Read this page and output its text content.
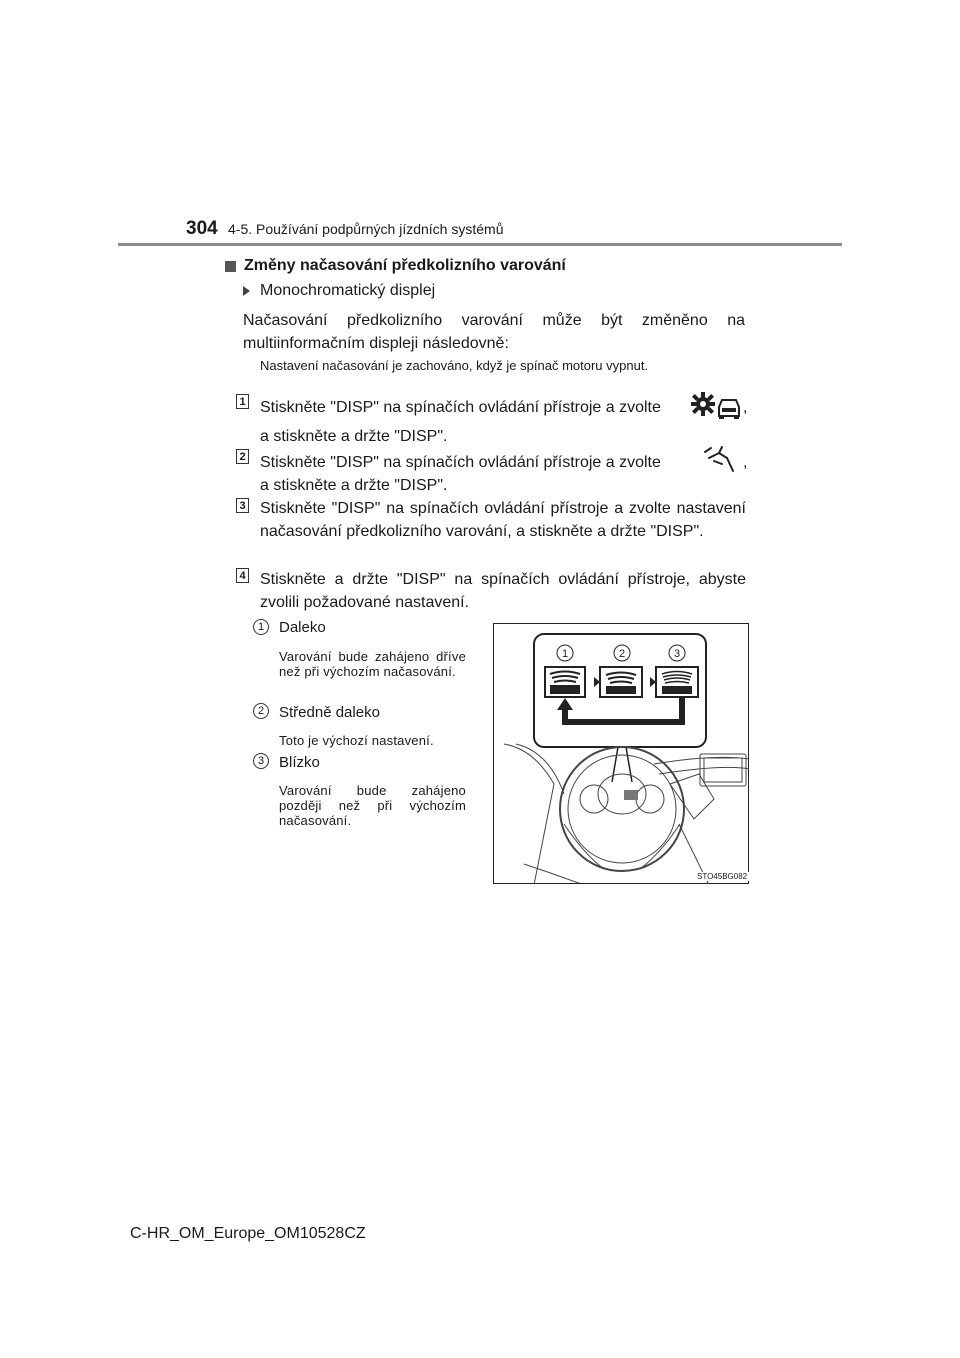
304 4-5. Používání podpůrných jízdních systémů
Změny načasování předkolizního varování
Monochromatický displej
Načasování předkolizního varování může být změněno na multiinformačním displeji následovně:
Nastavení načasování je zachováno, když je spínač motoru vypnut.
1 Stiskněte "DISP" na spínačích ovládání přístroje a zvolte	,
a stiskněte a držte "DISP".
2 Stiskněte "DISP" na spínačích ovládání přístroje a zvolte	,
a stiskněte a držte "DISP".
3 Stiskněte "DISP" na spínačích ovládání přístroje a zvolte nastavení načasování předkolizního varování, a stiskněte a držte "DISP".
4 Stiskněte a držte "DISP" na spínačích ovládání přístroje, abyste zvolili požadované nastavení.
1 Daleko
Varování bude zahájeno dříve než při výchozím načasování.
2 Středně daleko
Toto je výchozí nastavení.
3 Blízko
Varování bude zahájeno později než při výchozím načasování.
1	2	3
STO45BG082
C-HR_OM_Europe_OM10528CZ
